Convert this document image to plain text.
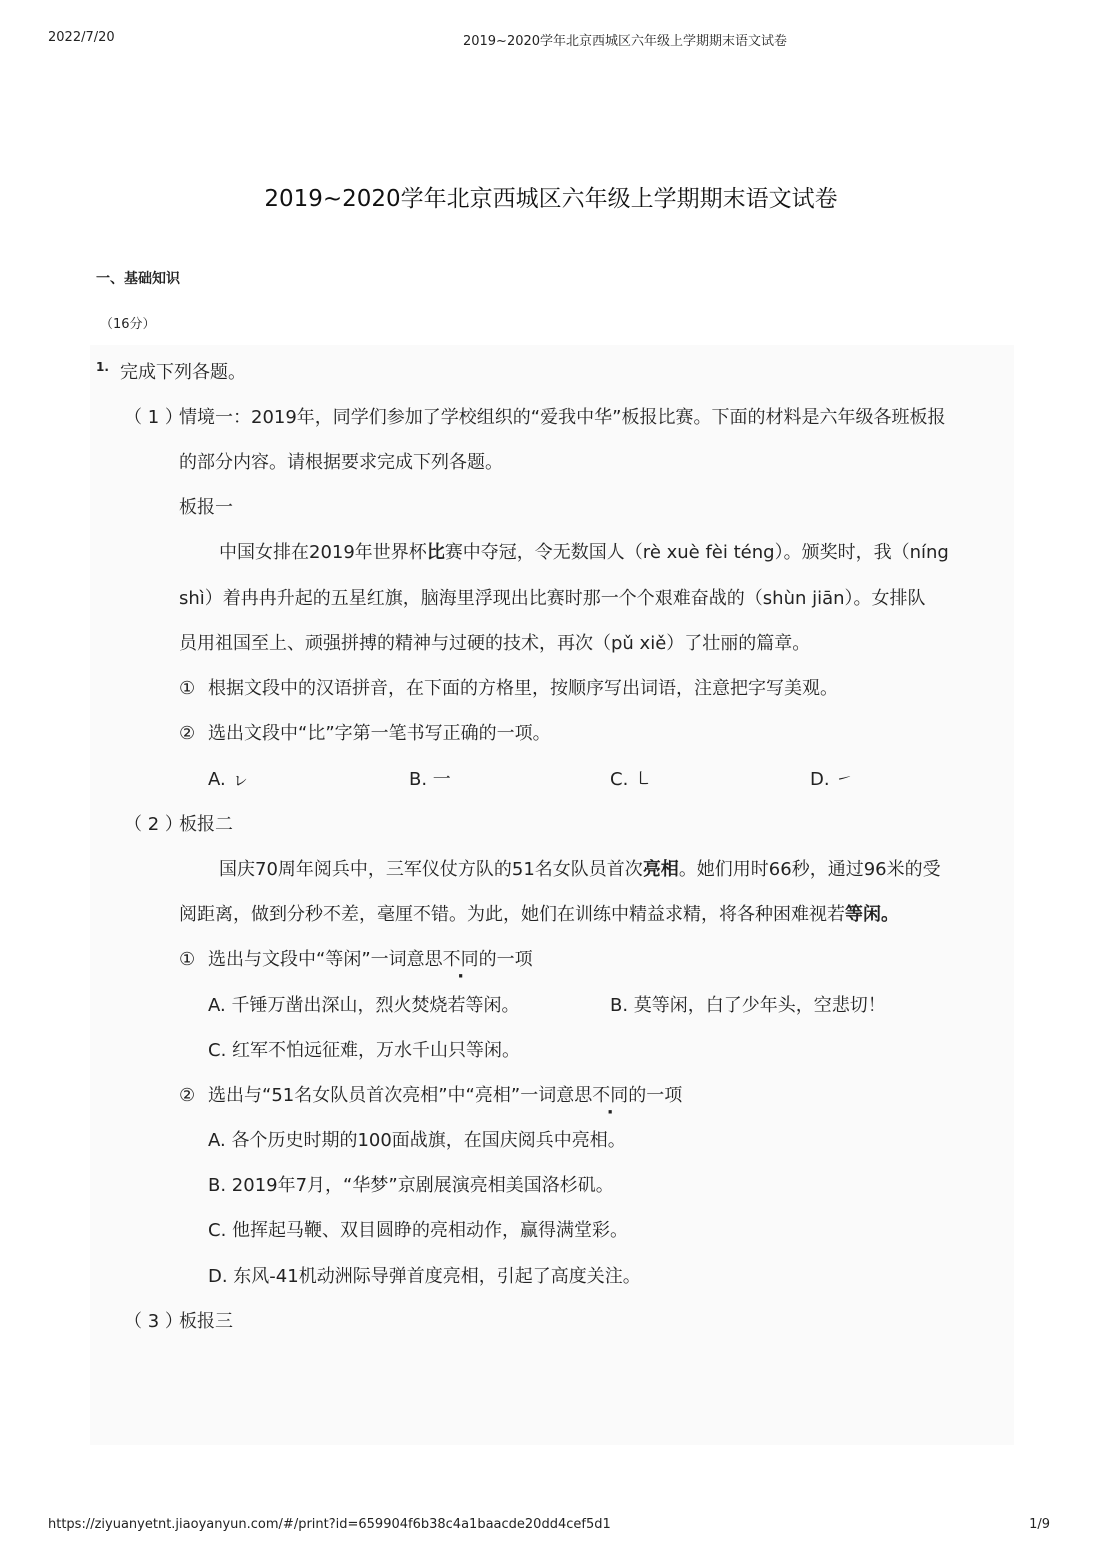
2022/7/20	2019~2020学年北京西城区六年级上学期期末语文试卷
2019~2020学年北京西城区六年级上学期期末语文试卷
一、基础知识
（16分）
1. 完成下列各题。
（ 1 ）
情境一：2019年，同学们参加了学校组织的“爱我中华”板报比赛。下面的材料是六年级各班板报
的部分内容。请根据要求完成下列各题。
板报一
中国女排在2019年世界杯比赛中夺冠，令无数国人（rè xuè fèi téng）。颁奖时，我（níng
shì）着冉冉升起的五星红旗，脑海里浮现出比赛时那一个个艰难奋战的（shùn jiān）。女排队
员用祖国至上、顽强拼搏的精神与过硬的技术，再次（pǔ xiě）了壮丽的篇章。
① 根据文段中的汉语拼音，在下面的方格里，按顺序写出词语，注意把字写美观。
② 选出文段中“比”字第一笔书写正确的一项。
A. ㇾ	B. 一	C. ㇄	D. ㇀
（ 2 ）
板报二
国庆70周年阅兵中，三军仪仗方队的51名女队员首次亮相。她们用时66秒，通过96米的受
阅距离，做到分秒不差，毫厘不错。为此，她们在训练中精益求精，将各种困难视若等闲。
① 选出与文段中“等闲”一词意思不同的一项
A. 千锤万凿出深山，烈火焚烧若等闲。	B. 莫等闲，白了少年头，空悲切！
C. 红军不怕远征难，万水千山只等闲。
② 选出与“51名女队员首次亮相”中“亮相”一词意思不同的一项
A. 各个历史时期的100面战旗，在国庆阅兵中亮相。
B. 2019年7月，“华梦”京剧展演亮相美国洛杉矶。
C. 他挥起马鞭、双目圆睁的亮相动作，赢得满堂彩。
D. 东风-41机动洲际导弹首度亮相，引起了高度关注。
（ 3 ）
板报三
https://ziyuanyetnt.jiaoyanyun.com/#/print?id=659904f6b38c4a1baacde20dd4cef5d1	1/9
